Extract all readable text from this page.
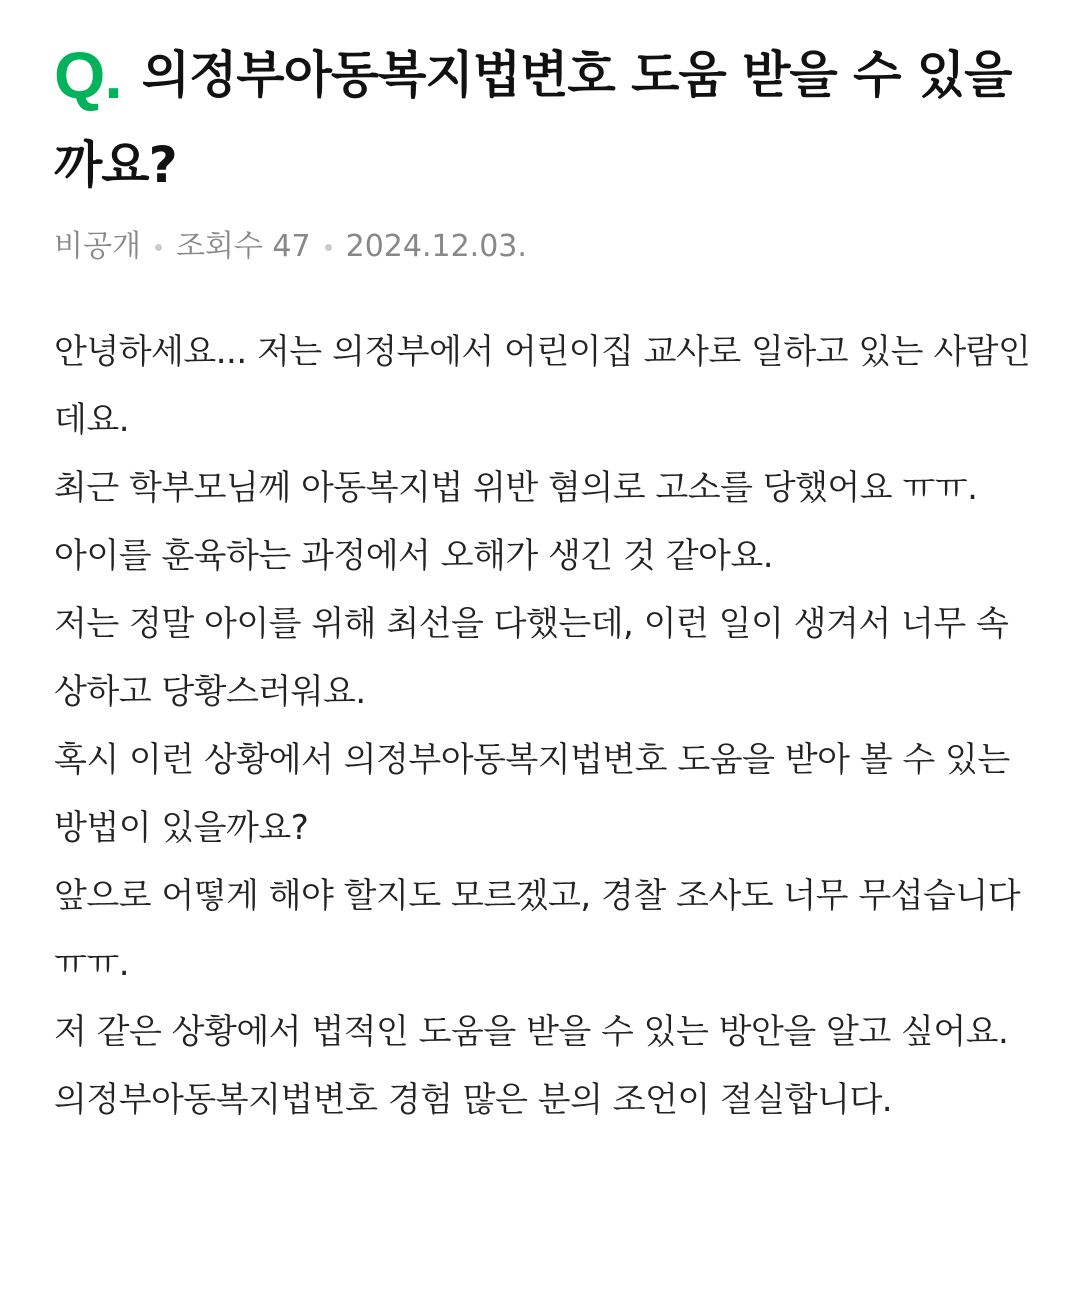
Q. 의정부아동복지법변호 도움 받을 수 있을까요?
비공개 조회수 47 2024.12.03.

안녕하세요... 저는 의정부에서 어린이집 교사로 일하고 있는 사람인데요.

최근 학부모님께 아동복지법 위반 혐의로 고소를 당했어요 ㅠㅠ.

아이를 훈육하는 과정에서 오해가 생긴 것 같아요.

저는 정말 아이를 위해 최선을 다했는데, 이런 일이 생겨서 너무 속상하고 당황스러워요.

혹시 이런 상황에서 의정부아동복지법변호 도움을 받아 볼 수 있는 방법이 있을까요?

앞으로 어떻게 해야 할지도 모르겠고, 경찰 조사도 너무 무섭습니다 ㅠㅠ.

저 같은 상황에서 법적인 도움을 받을 수 있는 방안을 알고 싶어요.

의정부아동복지법변호 경험 많은 분의 조언이 절실합니다.
